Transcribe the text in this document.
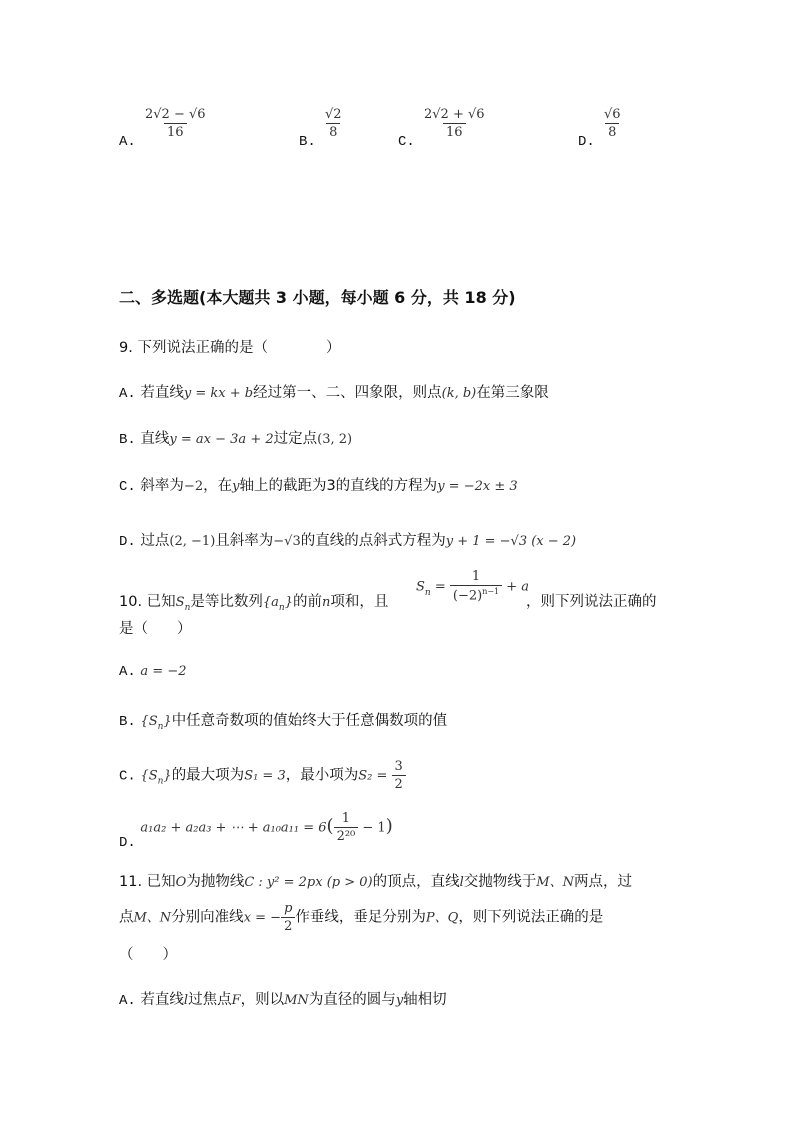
A.
$\frac{2√2 - √6}{16}$
B.
$\frac{√2}{8}$
C.
$\frac{2√2 + √6}{16}$
D.
$\frac{√6}{8}$
二、多选题(本大题共 3 小题，每小题 6 分，共 18 分)
9. 下列说法正确的是（　　　　）
A. 若直线y = kx + b经过第一、二、四象限，则点(k, b)在第三象限
B. 直线y = ax − 3a + 2过定点(3, 2)
C. 斜率为−2，在y轴上的截距为3的直线的方程为y = −2x ± 3
D. 过点(2, −1)且斜率为−√3的直线的点斜式方程为y + 1 = −√3 (x − 2)
10. 已知$S_n$是等比数列$\{a_n\}$的前n项和，且
$S_n = \frac{1}{(-2)^{n-1}} + a$
，则下列说法正确的
是（　　）
A. a = −2
B. $\{S_n\}$中任意奇数项的值始终大于任意偶数项的值
C. $\{S_n\}$的最大项为S₁ = 3，最小项为$S_2 = \frac{3}{2}$
D. a₁a₂ + a₂a₃ + ⋯ + $a_{10}a_{11} = 6( \frac{1}{\text{2²⁰}} - 1)$
11. 已知O为抛物线C : y² = 2px (p > 0)的顶点，直线l交抛物线于M、N两点，过
点M、N分别向准线x = − $\frac{p}{2}$ 作垂线，垂足分别为P、Q，则下列说法正确的是
（　　）
A. 若直线l过焦点F，则以MN为直径的圆与y轴相切
